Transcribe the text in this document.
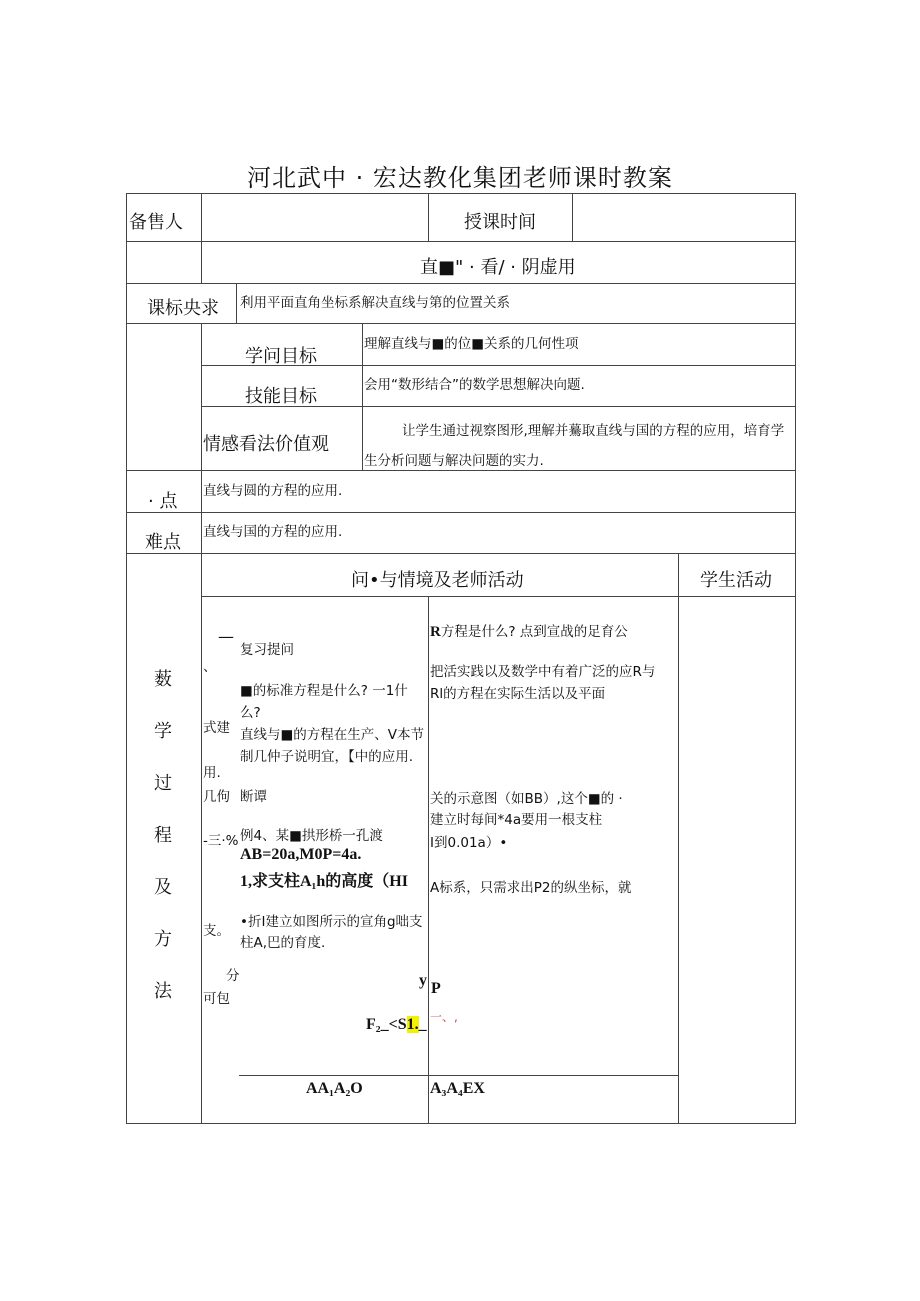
河北武中 · 宏达教化集团老师课时教案
备售人	授课时间
直■" · 看/ · 阴虚用
课标央求 利用平面直角坐标系解决直线与第的位置关系
学问目标
理解直线与■的位■关系的几何性项
技能目标
会用“数形结合”的数学思想解决向题.
情感看法价值观
让学生通过视察图形,理解并驀取直线与国的方程的应用，培育学
生分析问题与解决问题的实力.
· 点 直线与圆的方程的应用.
难点 直线与国的方程的应用.
问•与情境及老师活动	学生活动
薮
学
过
程
及
方
法
—
、
式建
用.
几佝
-三·%
支。
分
可包
复习提问
■的标准方程是什么? 一1什
么?
直线与■的方程在生产、V本节
制几仲子说明宜，【中的应用.
断谭
例4、某■拱形桥一孔渡
AB=20a,M0P=4a.
1,求支柱A₁h的高度（HI
•折I建立如图所示的宣角g咄支
柱A,巴的育度.
y
F₂_<S1._
AA₁A₂O
R方程是什么? 点到宣战的足育公
把活实践以及数学中有着广泛的应R与
Rl的方程在实际生活以及平面
关的示意图（如BB）,这个■的 ·
建立时每间*4a要用一根支柱
I到0.01a）•
A标系，只需求出P2的纵坐标，就
P
一、,
A₃A₄EX
